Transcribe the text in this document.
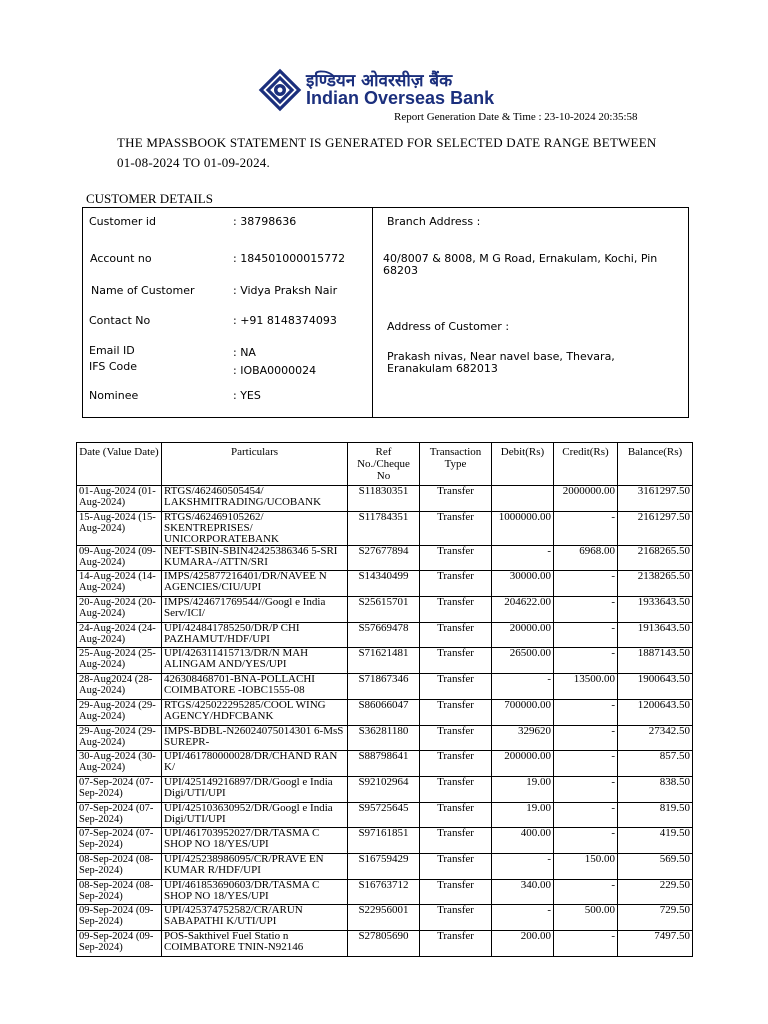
इण्डियन ओवरसीज़ बैंक
Indian Overseas Bank
Report Generation Date & Time : 23-10-2024 20:35:58
THE MPASSBOOK STATEMENT IS GENERATED FOR SELECTED DATE RANGE BETWEEN 01-08-2024 TO 01-09-2024.
CUSTOMER DETAILS
Customer id	: 38798636
Account no	: 184501000015772
Name of Customer	: Vidya Praksh Nair
Contact No	: +91 8148374093
Email ID	: NA
IFS Code	: IOBA0000024
Nominee	: YES
Branch Address :
40/8007 & 8008, M G Road, Ernakulam, Kochi, Pin 68203
Address of Customer :
Prakash nivas, Near navel base, Thevara, Eranakulam 682013
Date (Value Date)	Particulars	Ref No./Cheque No	Transaction Type	Debit(Rs)	Credit(Rs)	Balance(Rs)
01-Aug-2024 (01-Aug-2024)	RTGS/462460505454/ LAKSHMITRADING/UCOBANK	S11830351	Transfer		2000000.00	3161297.50
15-Aug-2024 (15-Aug-2024)	RTGS/462469105262/ SKENTREPRISES/ UNICORPORATEBANK	S11784351	Transfer	1000000.00	-	2161297.50
09-Aug-2024 (09-Aug-2024)	NEFT-SBIN-SBIN42425386346 5-SRI KUMARA-/ATTN/SRI	S27677894	Transfer	-	6968.00	2168265.50
14-Aug-2024 (14-Aug-2024)	IMPS/425877216401/DR/NAVEE N AGENCIES/CIU/UPI	S14340499	Transfer	30000.00	-	2138265.50
20-Aug-2024 (20-Aug-2024)	IMPS/424671769544//Googl e India Serv/ICI/	S25615701	Transfer	204622.00	-	1933643.50
24-Aug-2024 (24-Aug-2024)	UPI/424841785250/DR/P CHI PAZHAMUT/HDF/UPI	S57669478	Transfer	20000.00	-	1913643.50
25-Aug-2024 (25-Aug-2024)	UPI/426311415713/DR/N MAH ALINGAM AND/YES/UPI	S71621481	Transfer	26500.00	-	1887143.50
28-Aug2024 (28-Aug-2024)	426308468701-BNA-POLLACHI COIMBATORE -IOBC1555-08	S71867346	Transfer	-	13500.00	1900643.50
29-Aug-2024 (29-Aug-2024)	RTGS/425022295285/COOL WING AGENCY/HDFCBANK	S86066047	Transfer	700000.00	-	1200643.50
29-Aug-2024 (29-Aug-2024)	IMPS-BDBL-N26024075014301 6-MsS SUREPR-	S36281180	Transfer	329620	-	27342.50
30-Aug-2024 (30-Aug-2024)	UPI/461780000028/DR/CHAND RAN K/	S88798641	Transfer	200000.00	-	857.50
07-Sep-2024 (07-Sep-2024)	UPI/425149216897/DR/Googl e India Digi/UTI/UPI	S92102964	Transfer	19.00	-	838.50
07-Sep-2024 (07-Sep-2024)	UPI/425103630952/DR/Googl e India Digi/UTI/UPI	S95725645	Transfer	19.00	-	819.50
07-Sep-2024 (07-Sep-2024)	UPI/461703952027/DR/TASMA C SHOP NO 18/YES/UPI	S97161851	Transfer	400.00	-	419.50
08-Sep-2024 (08-Sep-2024)	UPI/425238986095/CR/PRAVE EN KUMAR R/HDF/UPI	S16759429	Transfer	-	150.00	569.50
08-Sep-2024 (08-Sep-2024)	UPI/461853690603/DR/TASMA C SHOP NO 18/YES/UPI	S16763712	Transfer	340.00	-	229.50
09-Sep-2024 (09-Sep-2024)	UPI/425374752582/CR/ARUN SABAPATHI K/UTI/UPI	S22956001	Transfer	-	500.00	729.50
09-Sep-2024 (09-Sep-2024)	POS-Sakthivel Fuel Statio n COIMBATORE TNIN-N92146	S27805690	Transfer	200.00	-	7497.50
